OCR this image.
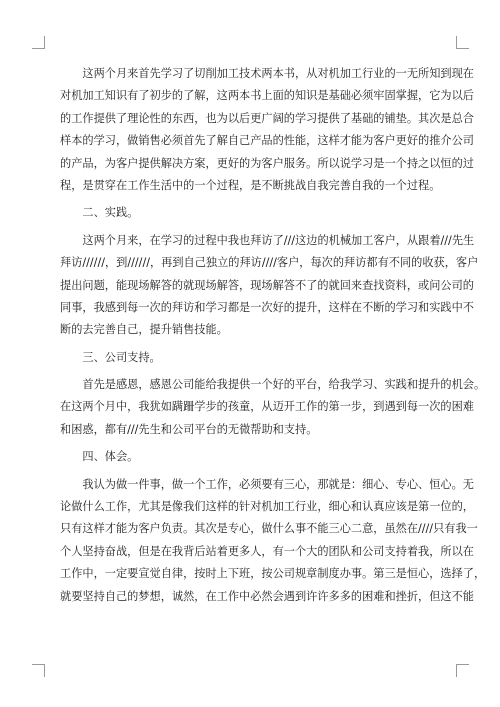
这两个月来首先学习了切削加工技术两本书，从对机加工行业的一无所知到现在
对机加工知识有了初步的了解，这两本书上面的知识是基础必须牢固掌握，它为以后
的工作提供了理论性的东西，也为以后更广阔的学习提供了基础的铺垫。其次是总合
样本的学习，做销售必须首先了解自己产品的性能，这样才能为客户更好的推介公司
的产品，为客户提供解决方案，更好的为客户服务。所以说学习是一个持之以恒的过
程，是贯穿在工作生活中的一个过程，是不断挑战自我完善自我的一个过程。
二、实践。
这两个月来，在学习的过程中我也拜访了///这边的机械加工客户，从跟着///先生
拜访//////，到//////，再到自己独立的拜访////客户，每次的拜访都有不同的收获，客户
提出问题，能现场解答的就现场解答，现场解答不了的就回来查找资料，或问公司的
同事，我感到每一次的拜访和学习都是一次好的提升，这样在不断的学习和实践中不
断的去完善自己，提升销售技能。
三、公司支持。
首先是感恩，感恩公司能给我提供一个好的平台，给我学习、实践和提升的机会。
在这两个月中，我犹如蹒跚学步的孩童，从迈开工作的第一步，到遇到每一次的困难
和困惑，都有///先生和公司平台的无微帮助和支持。
四、体会。
我认为做一件事，做一个工作，必须要有三心，那就是：细心、专心、恒心。无
论做什么工作，尤其是像我们这样的针对机加工行业，细心和认真应该是第一位的，
只有这样才能为客户负责。其次是专心，做什么事不能三心二意，虽然在////只有我一
个人坚持奋战，但是在我背后站着更多人，有一个大的团队和公司支持着我，所以在
工作中，一定要宣觉自律，按时上下班，按公司规章制度办事。第三是恒心，选择了，
就要坚持自己的梦想，诚然，在工作中必然会遇到许许多多的困难和挫折，但这不能
